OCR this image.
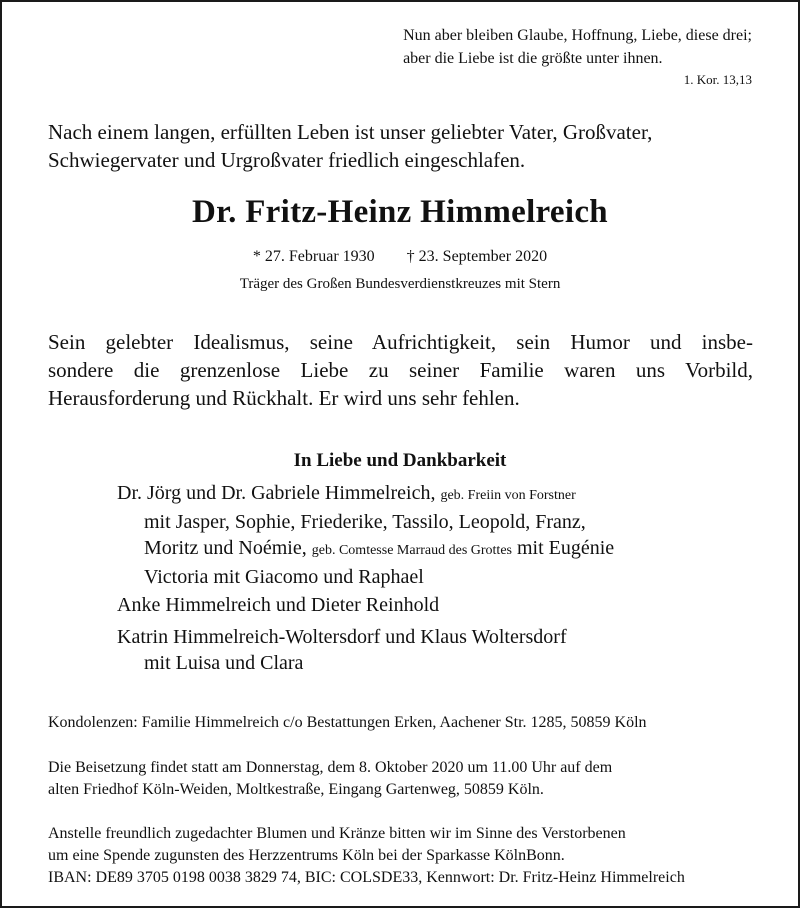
Nun aber bleiben Glaube, Hoffnung, Liebe, diese drei;
aber die Liebe ist die größte unter ihnen.
1. Kor. 13,13
Nach einem langen, erfüllten Leben ist unser geliebter Vater, Großvater,
Schwiegervater und Urgroßvater friedlich eingeschlafen.
Dr. Fritz-Heinz Himmelreich
* 27. Februar 1930 † 23. September 2020
Träger des Großen Bundesverdienstkreuzes mit Stern
Sein gelebter Idealismus, seine Aufrichtigkeit, sein Humor und insbe-
sondere die grenzenlose Liebe zu seiner Familie waren uns Vorbild,
Herausforderung und Rückhalt. Er wird uns sehr fehlen.
In Liebe und Dankbarkeit
Dr. Jörg und Dr. Gabriele Himmelreich, geb. Freiin von Forstner
mit Jasper, Sophie, Friederike, Tassilo, Leopold, Franz,
Moritz und Noémie, geb. Comtesse Marraud des Grottes mit Eugénie
Victoria mit Giacomo und Raphael
Anke Himmelreich und Dieter Reinhold
Katrin Himmelreich-Woltersdorf und Klaus Woltersdorf
mit Luisa und Clara
Kondolenzen: Familie Himmelreich c/o Bestattungen Erken, Aachener Str. 1285, 50859 Köln
Die Beisetzung findet statt am Donnerstag, dem 8. Oktober 2020 um 11.00 Uhr auf dem
alten Friedhof Köln-Weiden, Moltkestraße, Eingang Gartenweg, 50859 Köln.
Anstelle freundlich zugedachter Blumen und Kränze bitten wir im Sinne des Verstorbenen
um eine Spende zugunsten des Herzzentrums Köln bei der Sparkasse KölnBonn.
IBAN: DE89 3705 0198 0038 3829 74, BIC: COLSDE33, Kennwort: Dr. Fritz-Heinz Himmelreich
